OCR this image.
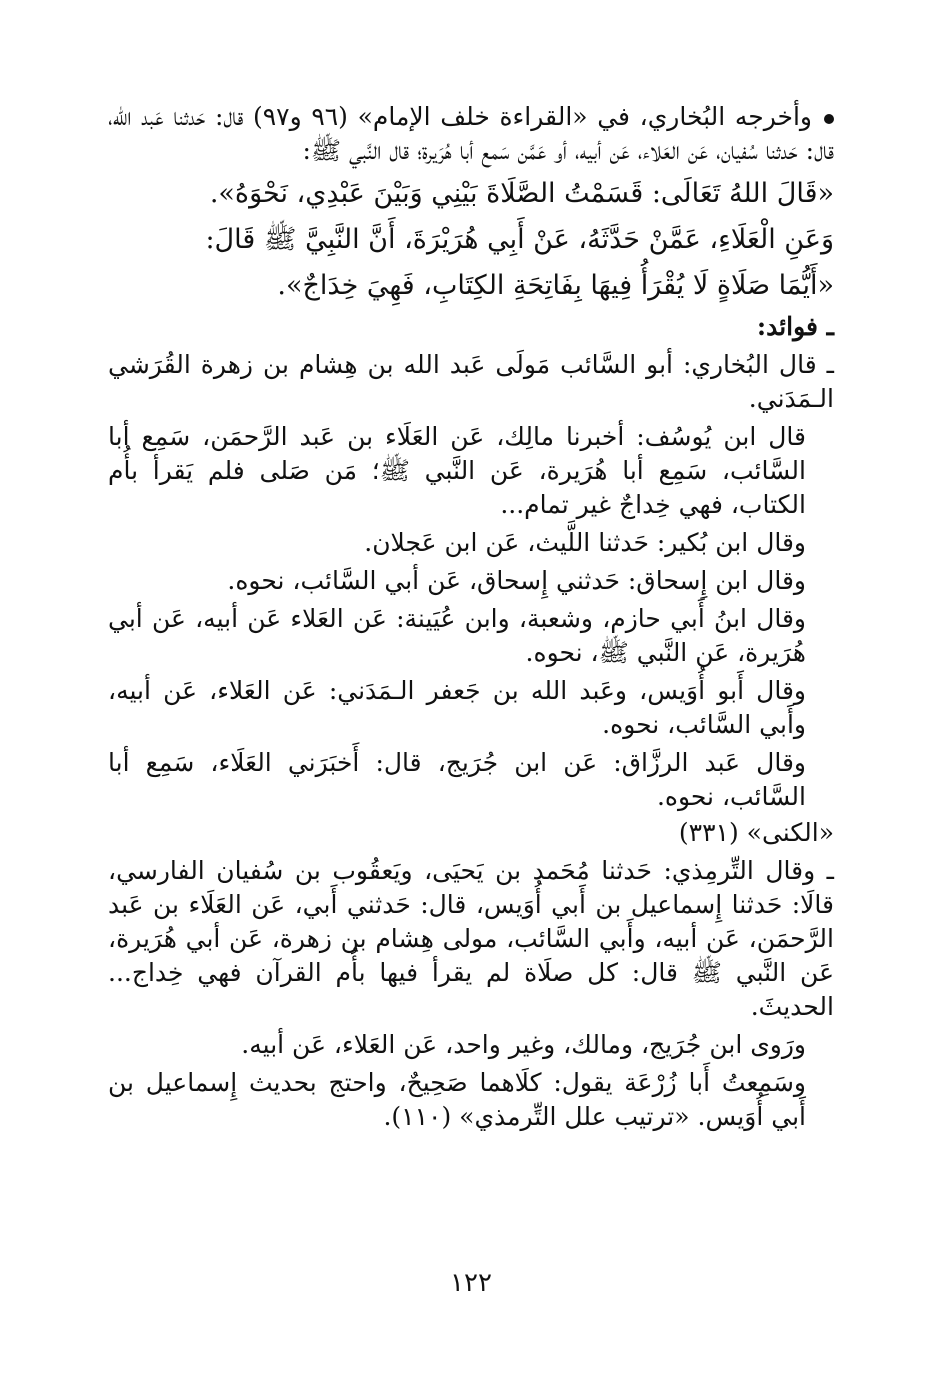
وأخرجه البُخاري، في «القراءة خلف الإمام» (٩٦ و٩٧) قال: حَدثنا عَبد الله، قال: حَدثنا سُفيان، عَن العَلاء، عَن أبيه، أو عَمَّن سَمع أبا هُرَيرة؛ قال النَّبي ﷺ:

«قَالَ اللهُ تَعَالَى: قَسَمْتُ الصَّلَاةَ بَيْنِي وَبَيْنَ عَبْدِي، نَحْوَهُ».

وَعَنِ الْعَلَاءِ، عَمَّنْ حَدَّثَهُ، عَنْ أَبِي هُرَيْرَةَ، أَنَّ النَّبِيَّ ﷺ قَالَ:

«أَيُّمَا صَلَاةٍ لَا يُقْرَأُ فِيهَا بِفَاتِحَةِ الكِتَابِ، فَهِيَ خِدَاجٌ».

ـ فوائد:

ـ قال البُخاري: أبو السَّائب مَولَى عَبد الله بن هِشام بن زهرة القُرَشي الـمَدَني.

قال ابن يُوسُف: أخبرنا مالِك، عَن العَلَاء بن عَبد الرَّحمَن، سَمِع أبا السَّائب، سَمِع أبا هُرَيرة، عَن النَّبي ﷺ؛ مَن صَلى فلم يَقرأ بأُم الكتاب، فهي خِداجٌ غير تمام...

وقال ابن بُكير: حَدثنا اللَّيث، عَن ابن عَجلان.

وقال ابن إِسحاق: حَدثني إِسحاق، عَن أبي السَّائب، نحوه.

وقال ابنُ أَبي حازم، وشعبة، وابن عُيَينة: عَن العَلاء عَن أبيه، عَن أبي هُرَيرة، عَن النَّبي ﷺ، نحوه.

وقال أَبو أُوَيس، وعَبد الله بن جَعفر الـمَدَني: عَن العَلاء، عَن أبيه، وأَبي السَّائب، نحوه.

وقال عَبد الرزَّاق: عَن ابن جُرَيج، قال: أَخبَرَني العَلَاء، سَمِع أبا السَّائب، نحوه.

«الكنى» (٣٣١)

ـ وقال التِّرمِذي: حَدثنا مُحَمد بن يَحيَى، ويَعقُوب بن سُفيان الفارسي، قالَا: حَدثنا إِسماعيل بن أَبي أُوَيس، قال: حَدثني أَبي، عَن العَلَاء بن عَبد الرَّحمَن، عَن أبيه، وأَبي السَّائب، مولى هِشام بن زهرة، عَن أبي هُرَيرة، عَن النَّبي ﷺ قال: كل صلَاة لم يقرأ فيها بأُم القرآن فهي خِداج... الحديثَ.

ورَوى ابن جُرَيج، ومالك، وغير واحد، عَن العَلاء، عَن أبيه.

وسَمِعتُ أَبا زُرْعَة يقول: كلَاهما صَحِيحٌ، واحتج بحديث إِسماعيل بن أَبي أُوَيس. «ترتيب علل التِّرمذي» (١١٠).

١٢٢
